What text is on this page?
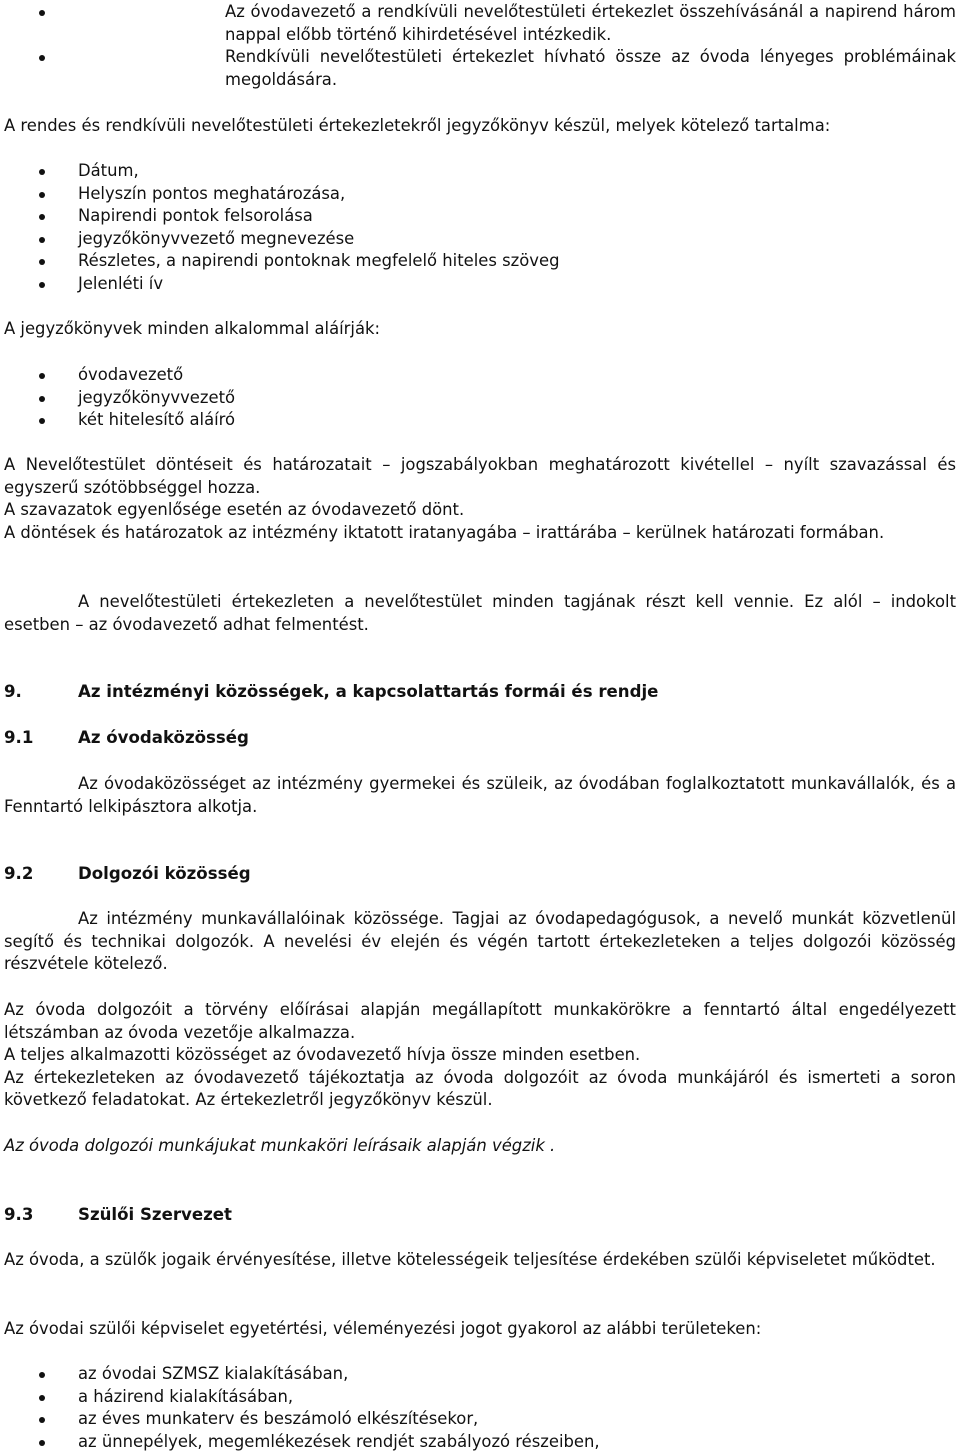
Az óvodavezető a rendkívüli nevelőtestületi értekezlet összehívásánál a napirend három nappal előbb történő kihirdetésével intézkedik.
Rendkívüli nevelőtestületi értekezlet hívható össze az óvoda lényeges problémáinak megoldására.

A rendes és rendkívüli nevelőtestületi értekezletekről jegyzőkönyv készül, melyek kötelező tartalma:

Dátum,
Helyszín pontos meghatározása,
Napirendi pontok felsorolása
jegyzőkönyvvezető megnevezése
Részletes, a napirendi pontoknak megfelelő hiteles szöveg
Jelenléti ív

A jegyzőkönyvek minden alkalommal aláírják:

óvodavezető
jegyzőkönyvvezető
két hitelesítő aláíró

A Nevelőtestület döntéseit és határozatait – jogszabályokban meghatározott kivétellel – nyílt szavazással és egyszerű szótöbbséggel hozza.

A szavazatok egyenlősége esetén az óvodavezető dönt.

A döntések és határozatok az intézmény iktatott iratanyagába – irattárába – kerülnek határozati formában.

A nevelőtestületi értekezleten a nevelőtestület minden tagjának részt kell vennie. Ez alól – indokolt esetben – az óvodavezető adhat felmentést.

9.	Az intézményi közösségek, a kapcsolattartás formái és rendje
9.1	Az óvodaközösség

Az óvodaközösséget az intézmény gyermekei és szüleik, az óvodában foglalkoztatott munkavállalók, és a Fenntartó lelkipásztora alkotja.

9.2	Dolgozói közösség

Az intézmény munkavállalóinak közössége. Tagjai az óvodapedagógusok, a nevelő munkát közvetlenül segítő és technikai dolgozók. A nevelési év elején és végén tartott értekezleteken a teljes dolgozói közösség részvétele kötelező.

Az óvoda dolgozóit a törvény előírásai alapján megállapított munkakörökre a fenntartó által engedélyezett létszámban az óvoda vezetője alkalmazza.

A teljes alkalmazotti közösséget az óvodavezető hívja össze minden esetben.

Az értekezleteken az óvodavezető tájékoztatja az óvoda dolgozóit az óvoda munkájáról és ismerteti a soron következő feladatokat. Az értekezletről jegyzőkönyv készül.

Az óvoda dolgozói munkájukat munkaköri leírásaik alapján végzik .

9.3	Szülői Szervezet

Az óvoda, a szülők jogaik érvényesítése, illetve kötelességeik teljesítése érdekében szülői képviseletet működtet.

Az óvodai szülői képviselet egyetértési, véleményezési jogot gyakorol az alábbi területeken:

az óvodai SZMSZ kialakításában,
a házirend kialakításában,
az éves munkaterv és beszámoló elkészítésekor,
az ünnepélyek, megemlékezések rendjét szabályozó részeiben,
